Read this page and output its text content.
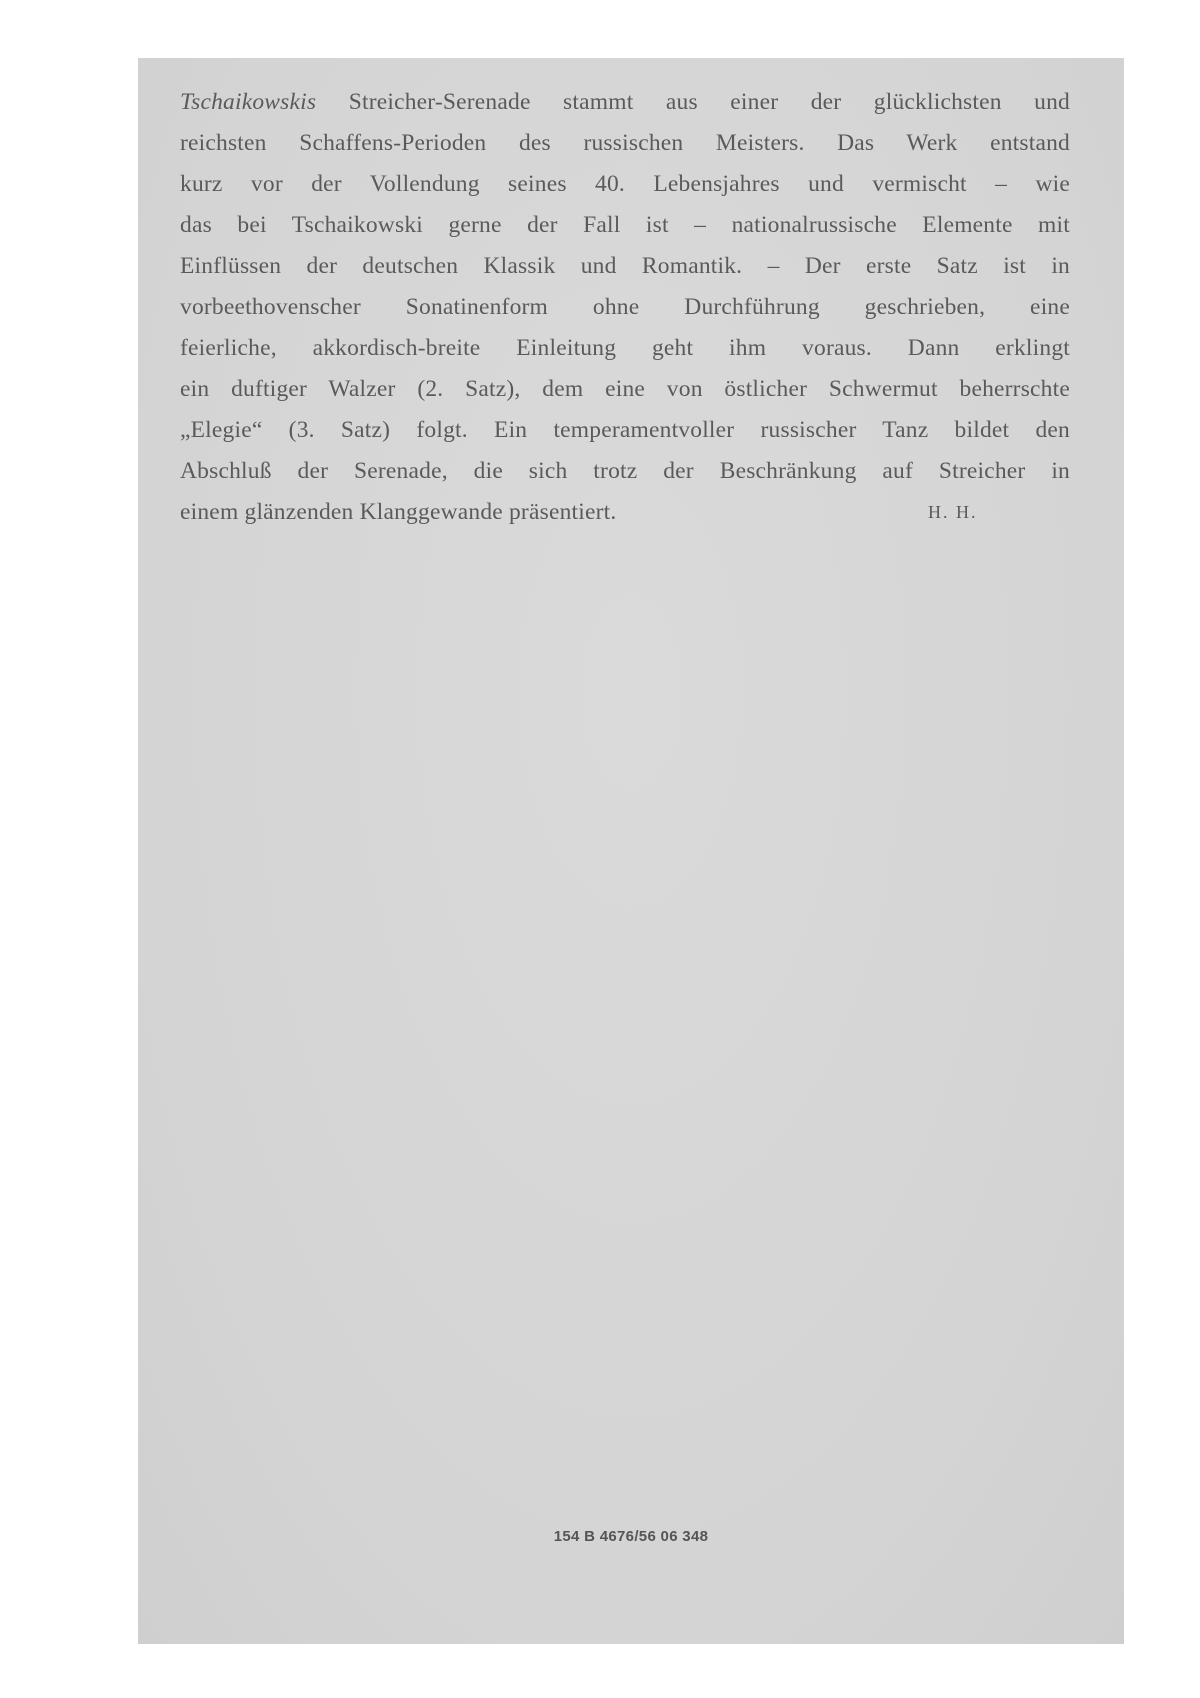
Tschaikowskis Streicher-Serenade stammt aus einer der glücklichsten und
reichsten Schaffens-Perioden des russischen Meisters. Das Werk entstand
kurz vor der Vollendung seines 40. Lebensjahres und vermischt – wie
das bei Tschaikowski gerne der Fall ist – nationalrussische Elemente mit
Einflüssen der deutschen Klassik und Romantik. – Der erste Satz ist in
vorbeethovenscher Sonatinenform ohne Durchführung geschrieben, eine
feierliche, akkordisch-breite Einleitung geht ihm voraus. Dann erklingt
ein duftiger Walzer (2. Satz), dem eine von östlicher Schwermut beherrschte
„Elegie“ (3. Satz) folgt. Ein temperamentvoller russischer Tanz bildet den
Abschluß der Serenade, die sich trotz der Beschränkung auf Streicher in
einem glänzenden Klanggewande präsentiert.	H. H.
154 B 4676/56 06 348
